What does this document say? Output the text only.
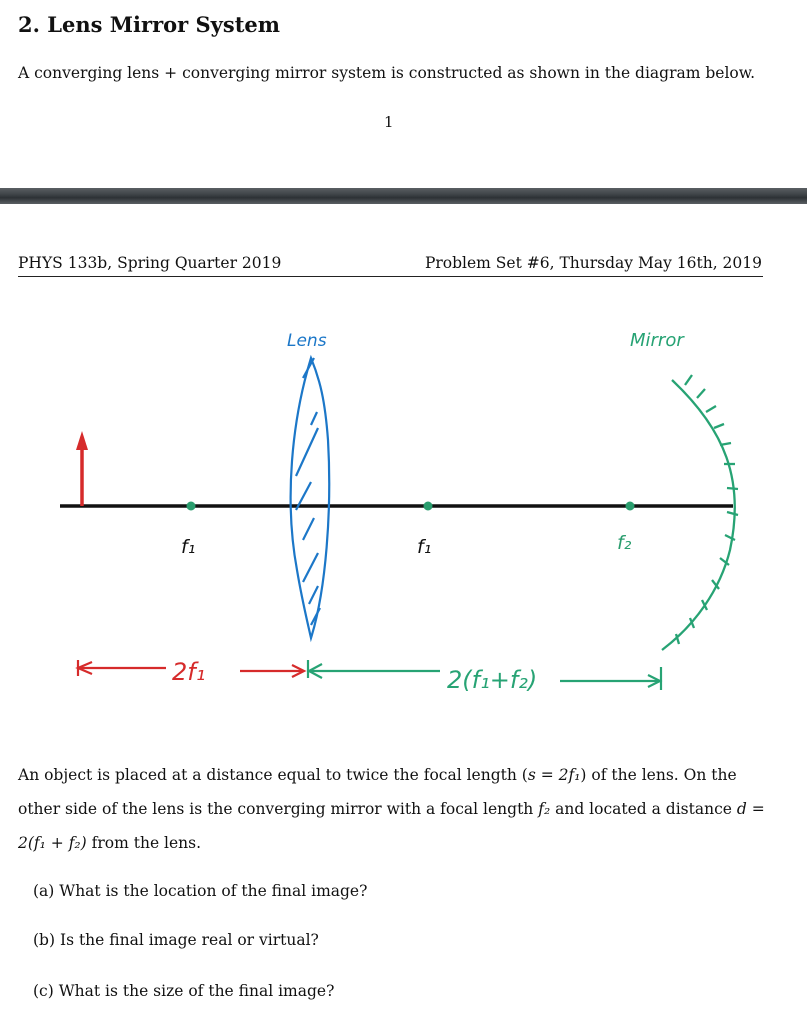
2. Lens Mirror System
A converging lens + converging mirror system is constructed as shown in the diagram below.
1
PHYS 133b, Spring Quarter 2019	Problem Set #6, Thursday May 16th, 2019
Lens	Mirror
f₁	f₁	f₂
2f₁	2(f₁+f₂)
An object is placed at a distance equal to twice the focal length (s = 2f₁) of the lens. On the other side of the lens is the converging mirror with a focal length f₂ and located a distance d = 2(f₁ + f₂) from the lens.
(a) What is the location of the final image?
(b) Is the final image real or virtual?
(c) What is the size of the final image?
